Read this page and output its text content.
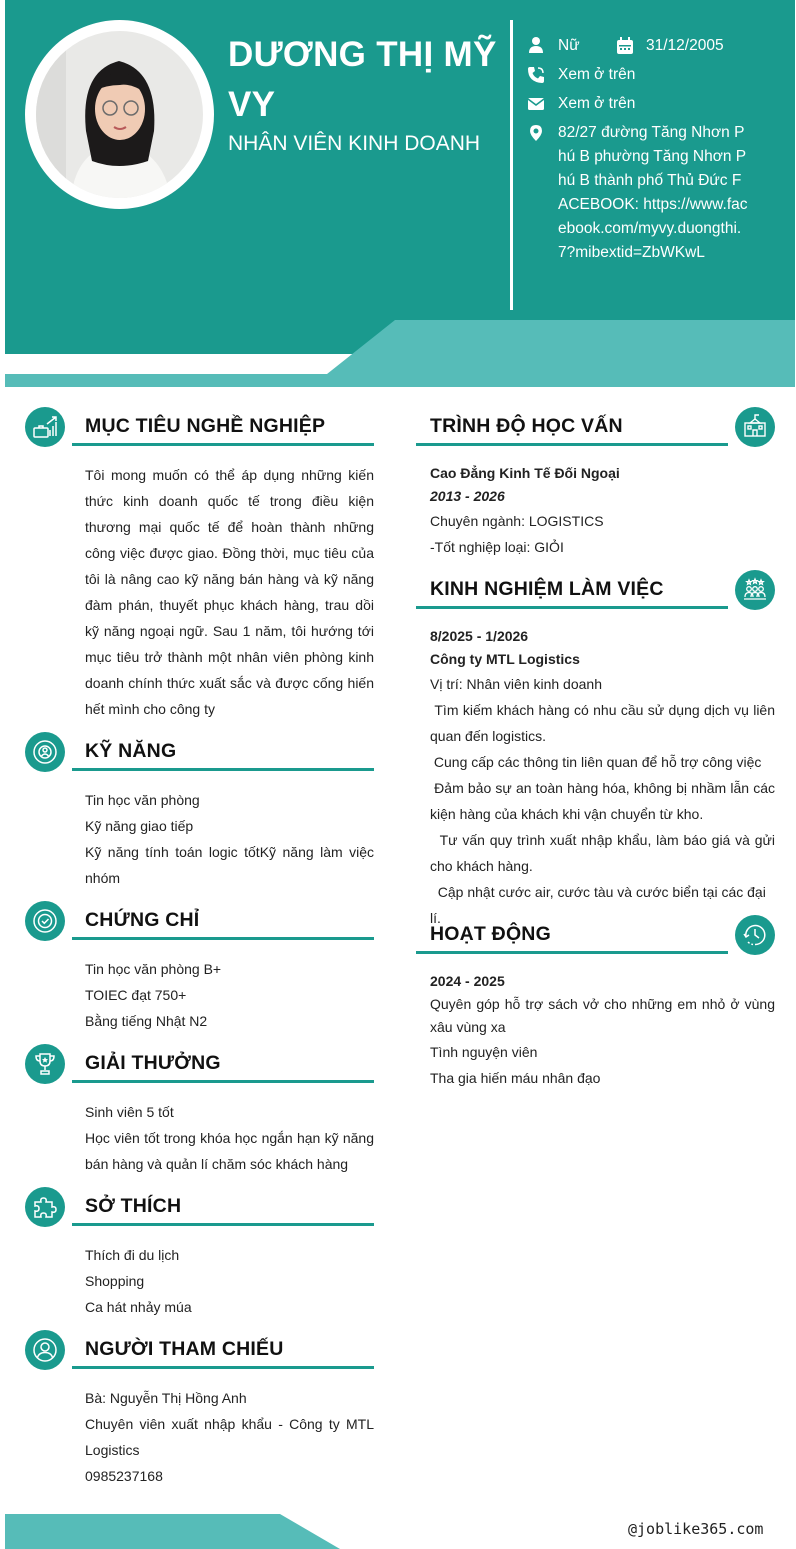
DƯƠNG THỊ MỸ VY
NHÂN VIÊN KINH DOANH
Nữ	31/12/2005
Xem ở trên
Xem ở trên
82/27 đường Tăng Nhơn Phú B phường Tăng Nhơn Phú B thành phố Thủ Đức FACEBOOK: https://www.facebook.com/myvy.duongthi.7?mibextid=ZbWKwL
MỤC TIÊU NGHỀ NGHIỆP
Tôi mong muốn có thể áp dụng những kiến thức kinh doanh quốc tế trong điều kiện thương mại quốc tế để hoàn thành những công việc được giao. Đồng thời, mục tiêu của tôi là nâng cao kỹ năng bán hàng và kỹ năng đàm phán, thuyết phục khách hàng, trau dồi kỹ năng ngoại ngữ. Sau 1 năm, tôi hướng tới mục tiêu trở thành một nhân viên phòng kinh doanh chính thức xuất sắc và được cống hiến hết mình cho công ty
KỸ NĂNG
Tin học văn phòng
Kỹ năng giao tiếp
Kỹ năng tính toán logic tốtKỹ năng làm việc nhóm
CHỨNG CHỈ
Tin học văn phòng B+
TOIEC đạt 750+
Bằng tiếng Nhật N2
GIẢI THƯỞNG
Sinh viên 5 tốt
Học viên tốt trong khóa học ngắn hạn kỹ năng bán hàng và quản lí chăm sóc khách hàng
SỞ THÍCH
Thích đi du lịch
Shopping
Ca hát nhảy múa
NGƯỜI THAM CHIẾU
Bà: Nguyễn Thị Hồng Anh
Chuyên viên xuất nhập khẩu - Công ty MTL Logistics
0985237168
TRÌNH ĐỘ HỌC VẤN
Cao Đẳng Kinh Tế Đối Ngoại
2013 - 2026
Chuyên ngành: LOGISTICS
-Tốt nghiệp loại: GIỎI
KINH NGHIỆM LÀM VIỆC
8/2025 - 1/2026
Công ty MTL Logistics
Vị trí: Nhân viên kinh doanh
Tìm kiếm khách hàng có nhu cầu sử dụng dịch vụ liên quan đến logistics.
Cung cấp các thông tin liên quan để hỗ trợ công việc
Đảm bảo sự an toàn hàng hóa, không bị nhầm lẫn các kiện hàng của khách khi vận chuyển từ kho.
Tư vấn quy trình xuất nhập khẩu, làm báo giá và gửi cho khách hàng.
Cập nhật cước air, cước tàu và cước biển tại các đại lí.
HOẠT ĐỘNG
2024 - 2025
Quyên góp hỗ trợ sách vở cho những em nhỏ ở vùng xâu vùng xa
Tình nguyện viên
Tha gia hiến máu nhân đạo
@joblike365.com
